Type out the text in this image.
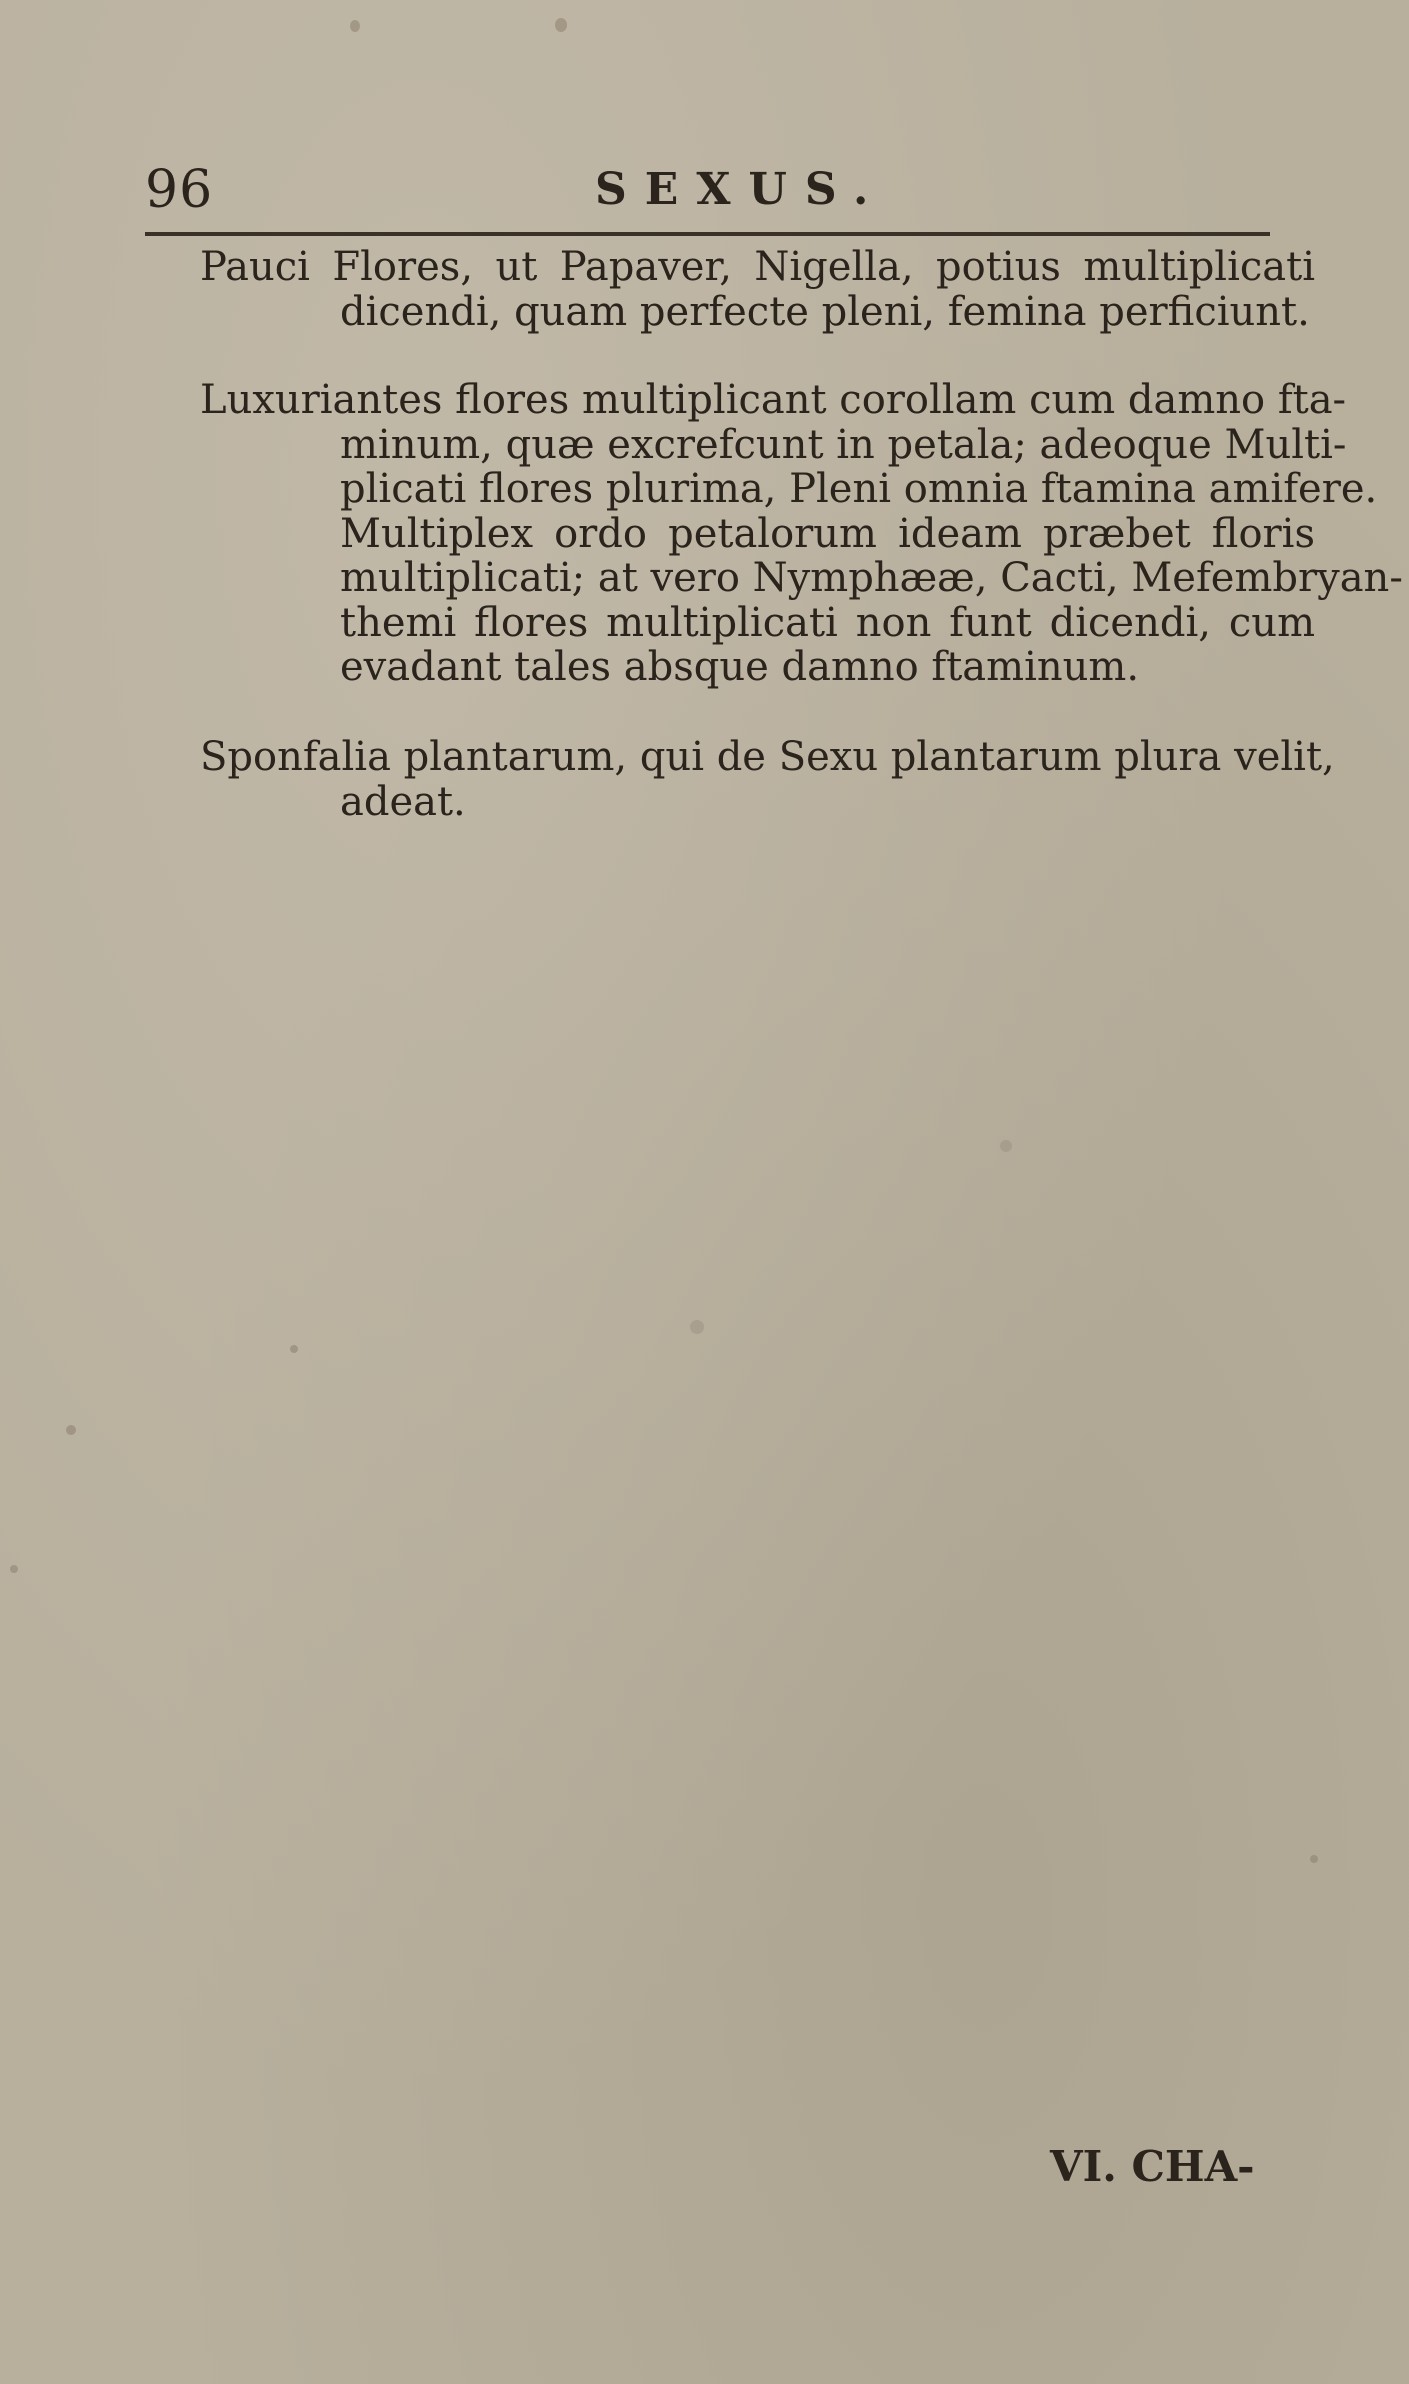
96	SEXUS.
Pauci Flores, ut Papaver, Nigella, potius multiplicati
dicendi, quam perfecte pleni, femina perficiunt.
Luxuriantes flores multiplicant corollam cum damno fta-
minum, quæ excrefcunt in petala; adeoque Multi-
plicati flores plurima, Pleni omnia ftamina amifere.
Multiplex ordo petalorum ideam præbet floris
multiplicati; at vero Nymphææ, Cacti, Mefembryan-
themi flores multiplicati non funt dicendi, cum
evadant tales absque damno ftaminum.
Sponfalia plantarum, qui de Sexu plantarum plura velit,
adeat.
VI. CHA-
